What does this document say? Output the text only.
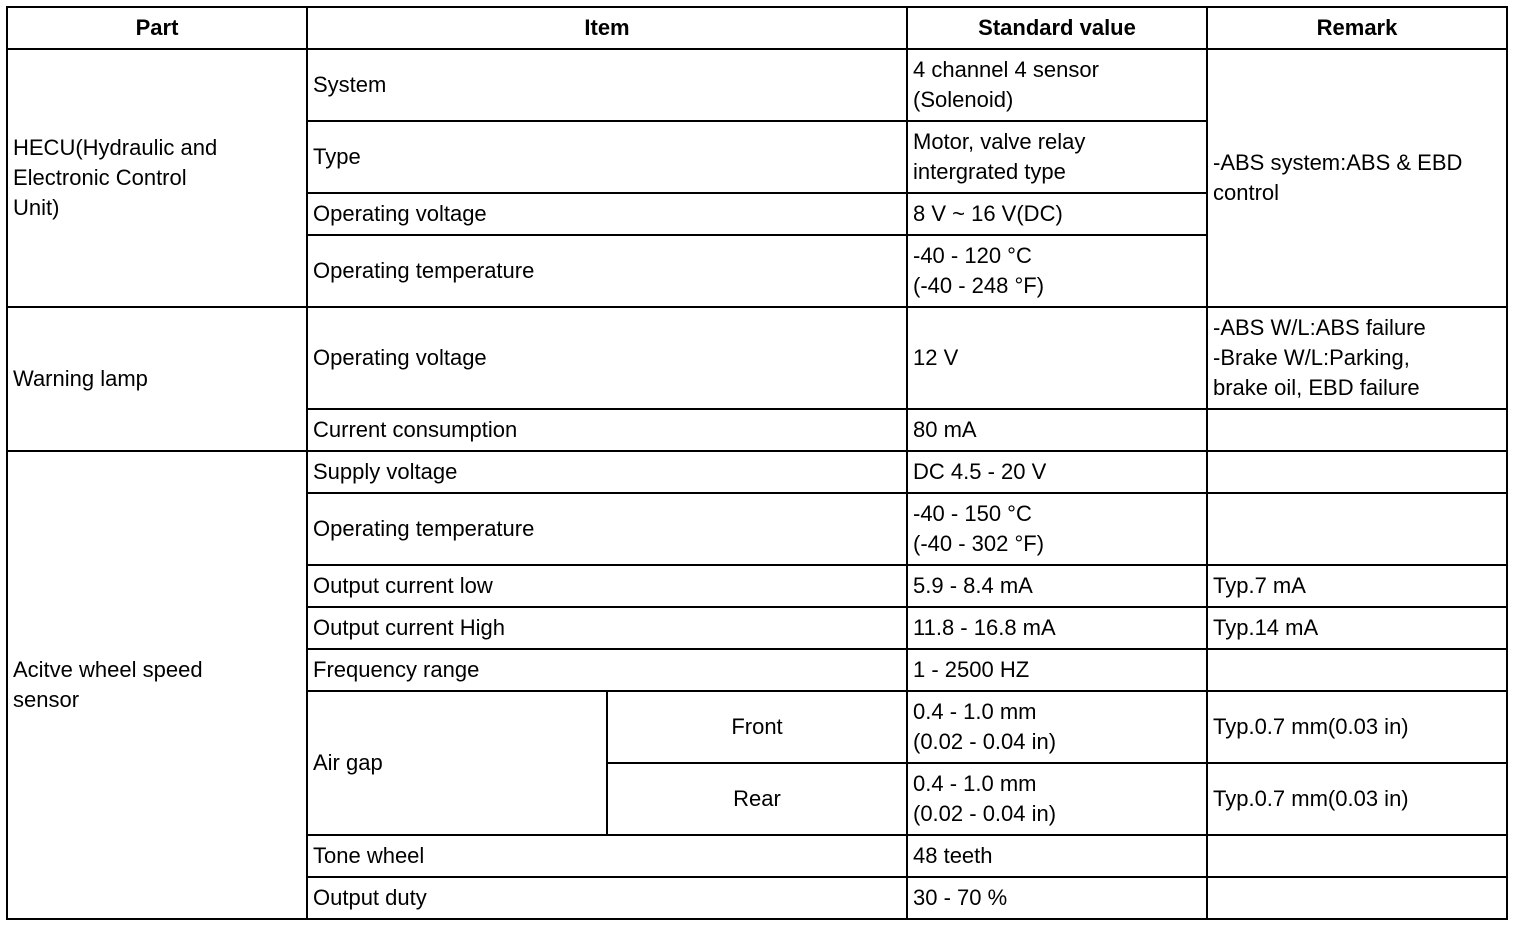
Part	Item		Standard value	Remark
HECU(Hydraulic and
Electronic Control
Unit)	System		4 channel 4 sensor
(Solenoid)	-ABS system:ABS & EBD
control
	Type		Motor, valve relay
intergrated type	
	Operating voltage		8 V ~ 16 V(DC)	
	Operating temperature		-40 - 120 °C
(-40 - 248 °F)	
Warning lamp	Operating voltage		12 V	-ABS W/L:ABS failure
-Brake W/L:Parking,
brake oil, EBD failure
	Current consumption		80 mA	
Acitve wheel speed
sensor	Supply voltage		DC 4.5 - 20 V	
	Operating temperature		-40 - 150 °C
(-40 - 302 °F)	
	Output current low		5.9 - 8.4 mA	Typ.7 mA
	Output current High		11.8 - 16.8 mA	Typ.14 mA
	Frequency range		1 - 2500 HZ	
	Air gap	Front	0.4 - 1.0 mm
(0.02 - 0.04 in)	Typ.0.7 mm(0.03 in)
		Rear	0.4 - 1.0 mm
(0.02 - 0.04 in)	Typ.0.7 mm(0.03 in)
	Tone wheel		48 teeth	
	Output duty		30 - 70 %	
